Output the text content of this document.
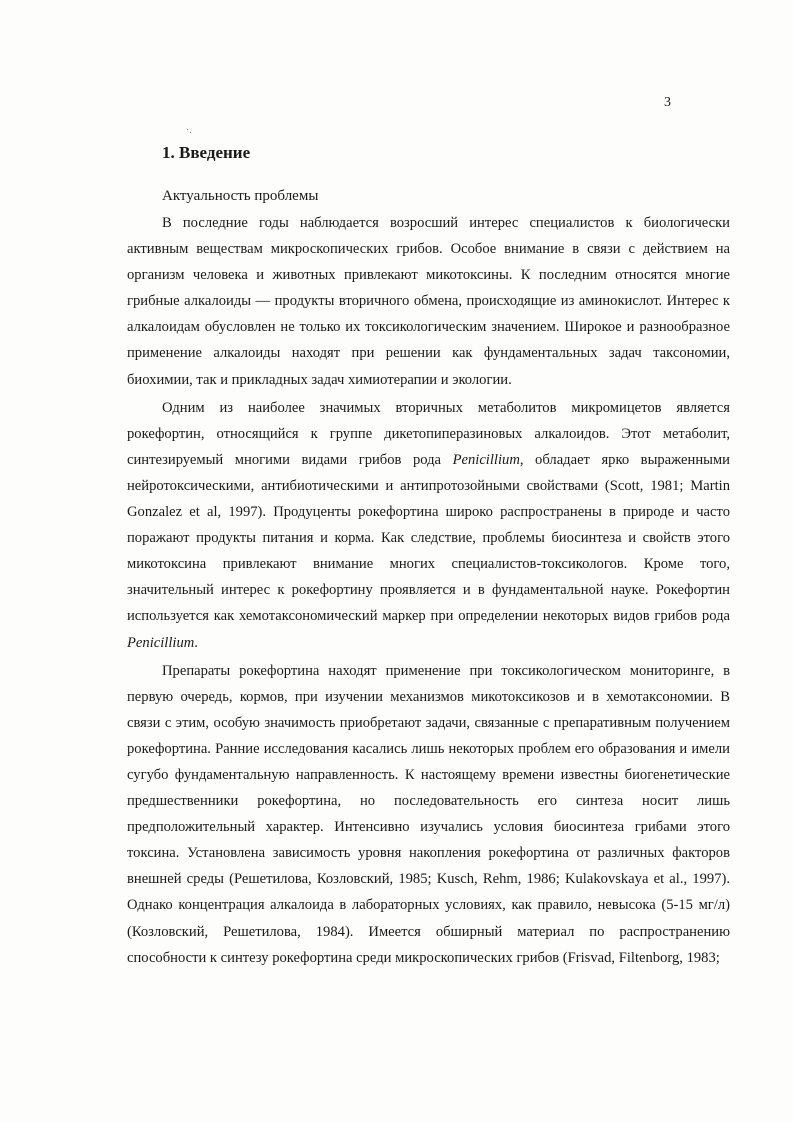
3
·.
1. Введение
Актуальность проблемы

В последние годы наблюдается возросший интерес специалистов к биологически активным веществам микроскопических грибов. Особое внимание в связи с действием на организм человека и животных привлекают микотоксины. К последним относятся многие грибные алкалоиды — продукты вторичного обмена, происходящие из аминокислот. Интерес к алкалоидам обусловлен не только их токсикологическим значением. Широкое и разнообразное применение алкалоиды находят при решении как фундаментальных задач таксономии, биохимии, так и прикладных задач химиотерапии и экологии.

Одним из наиболее значимых вторичных метаболитов микромицетов является рокефортин, относящийся к группе дикетопиперазиновых алкалоидов. Этот метаболит, синтезируемый многими видами грибов рода Penicillium, обладает ярко выраженными нейротоксическими, антибиотическими и антипротозойными свойствами (Scott, 1981; Martin Gonzalez et al, 1997). Продуценты рокефортина широко распространены в природе и часто поражают продукты питания и корма. Как следствие, проблемы биосинтеза и свойств этого микотоксина привлекают внимание многих специалистов-токсикологов. Кроме того, значительный интерес к рокефортину проявляется и в фундаментальной науке. Рокефортин используется как хемотаксономический маркер при определении некоторых видов грибов рода Penicillium.

Препараты рокефортина находят применение при токсикологическом мониторинге, в первую очередь, кормов, при изучении механизмов микотоксикозов и в хемотаксономии. В связи с этим, особую значимость приобретают задачи, связанные с препаративным получением рокефортина. Ранние исследования касались лишь некоторых проблем его образования и имели сугубо фундаментальную направленность. К настоящему времени известны биогенетические предшественники рокефортина, но последовательность его синтеза носит лишь предположительный характер. Интенсивно изучались условия биосинтеза грибами этого токсина. Установлена зависимость уровня накопления рокефортина от различных факторов внешней среды (Решетилова, Козловский, 1985; Kusch, Rehm, 1986; Kulakovskaya et al., 1997). Однако концентрация алкалоида в лабораторных условиях, как правило, невысока (5-15 мг/л) (Козловский, Решетилова, 1984). Имеется обширный материал по распространению способности к синтезу рокефортина среди микроскопических грибов (Frisvad, Filtenborg, 1983;
